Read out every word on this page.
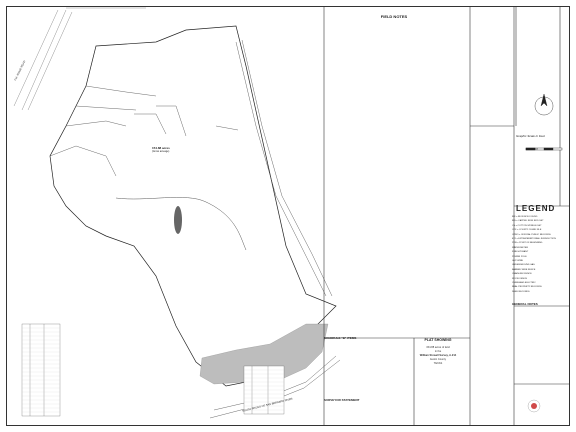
FIELD NOTES
Graphic Scale in Feet
1" = 200'
LEGEND
IRF = IRON ROD FOUND
IRS = CAPPED IRON ROD SET
CS = COTTON SPINDLE SET
CCF = COUNTY CLERK FILE
OPRO = OFFICIAL PUBLIC RECORDS
ETJ = EXTRATERRITORIAL JURISDICTION
POB = POINT OF BEGINNING
WATER METER
FIRE HYDRANT
POWER POLE
GUY WIRE
UNDERGROUND GAS
BARBED WIRE FENCE
CHAINLINK FENCE
WOOD FENCE
OVERHEAD ELECTRIC
REAL PROPERTY RECORDS
DEED RECORDS
GENERAL NOTES
SCHEDULE "B" ITEMS
SURVEYOR STATEMENT
PLAT SHOWING
154.88 acres of land
in the
William Stowell Survey, A-214
Austin County
TEXAS
154.88 acres
(Gross acreage)
SOUTH PRONG OF SAN BERNARD RIVER
F.M. RIDGE ROAD
